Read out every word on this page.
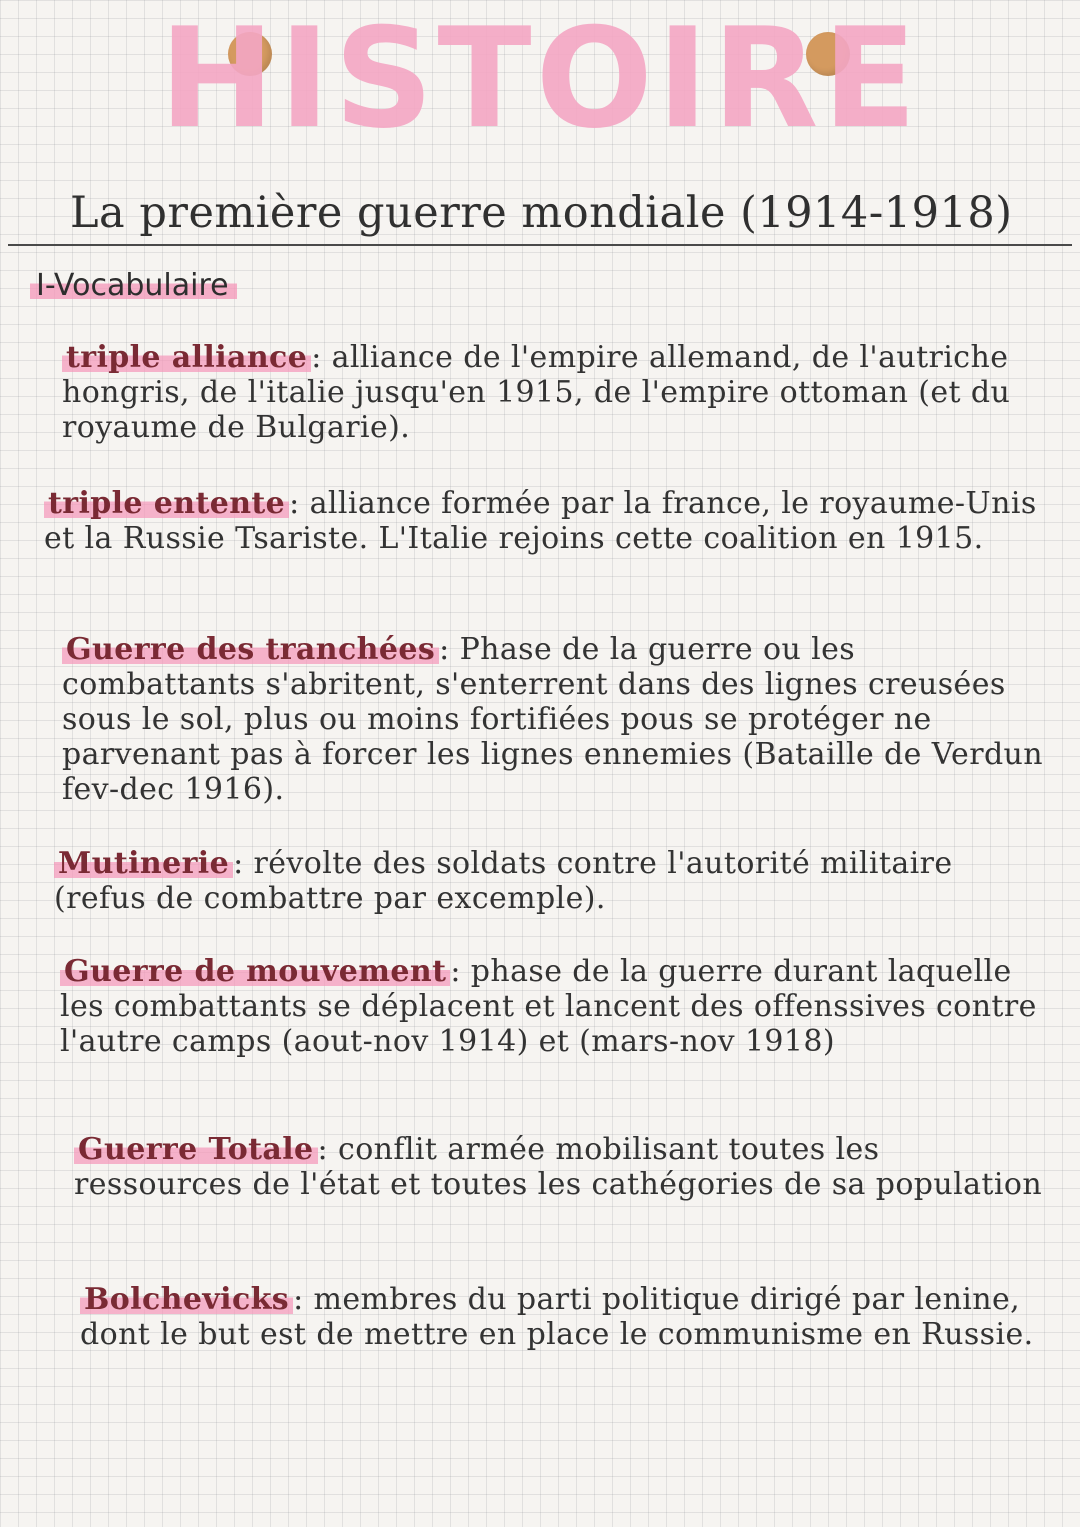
HISTOIRE
La première guerre mondiale (1914-1918)
I-Vocabulaire
triple alliance : alliance de l'empire allemand, de l'autriche hongris, de l'italie jusqu'en 1915, de l'empire ottoman (et du royaume de Bulgarie).
triple entente : alliance formée par la france, le royaume-Unis et la Russie Tsariste. L'Italie rejoins cette coalition en 1915.
Guerre des tranchées : Phase de la guerre ou les combattants s'abritent, s'enterrent dans des lignes creusées sous le sol, plus ou moins fortifiées pous se protéger ne parvenant pas à forcer les lignes ennemies (Bataille de Verdun fev-dec 1916).
Mutinerie : révolte des soldats contre l'autorité militaire (refus de combattre par excemple).
Guerre de mouvement : phase de la guerre durant laquelle les combattants se déplacent et lancent des offenssives contre l'autre camps (aout-nov 1914) et (mars-nov 1918)
Guerre Totale : conflit armée mobilisant toutes les ressources de l'état et toutes les cathégories de sa population
Bolchevicks : membres du parti politique dirigé par lenine, dont le but est de mettre en place le communisme en Russie.
